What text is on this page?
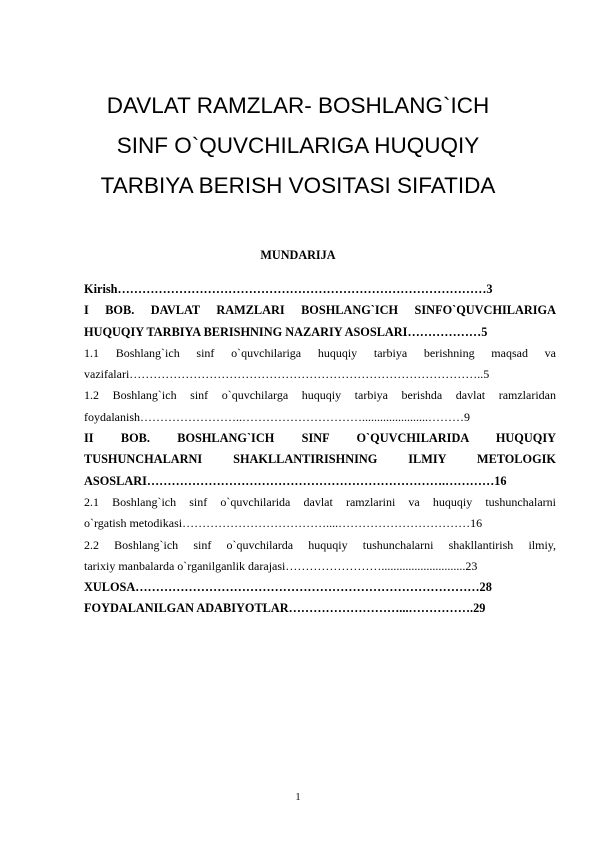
DAVLAT RAMZLAR- BOSHLANG`ICH
SINF O`QUVCHILARIGA HUQUQIY
TARBIYA BERISH VOSITASI SIFATIDA
MUNDARIJA
Kirish………………………………………………………………………………3
I BOB. DAVLAT RAMZLARI BOSHLANG`ICH SINFO`QUVCHILARIGA
HUQUQIY TARBIYA BERISHNING NAZARIY ASOSLARI………………5
1.1 Boshlang`ich sinf o`quvchilariga huquqiy tarbiya berishning maqsad va
vazifalari……………………………………………………………………………..5
1.2 Boshlang`ich sinf o`quvchilarga huquqiy tarbiya berishda davlat ramzlaridan
foydalanish……………………..…………………………......................………9
II BOB. BOSHLANG`ICH SINF O`QUVCHILARIDA HUQUQIY
TUSHUNCHALARNI SHAKLLANTIRISHNING ILMIY METOLOGIK
ASOSLARI……………………………………………………………….…………16
2.1 Boshlang`ich sinf o`quvchilarida davlat ramzlarini va huquqiy tushunchalarni
o`rgatish metodikasi………………………………....……………………………16
2.2 Boshlang`ich sinf o`quvchilarda huquqiy tushunchalarni shakllantirish ilmiy,
tarixiy manbalarda o`rganilganlik darajasi……………………............................23
XULOSA…………………………………………………………………………28
FOYDALANILGAN ADABIYOTLAR………………………...…………….29
1
